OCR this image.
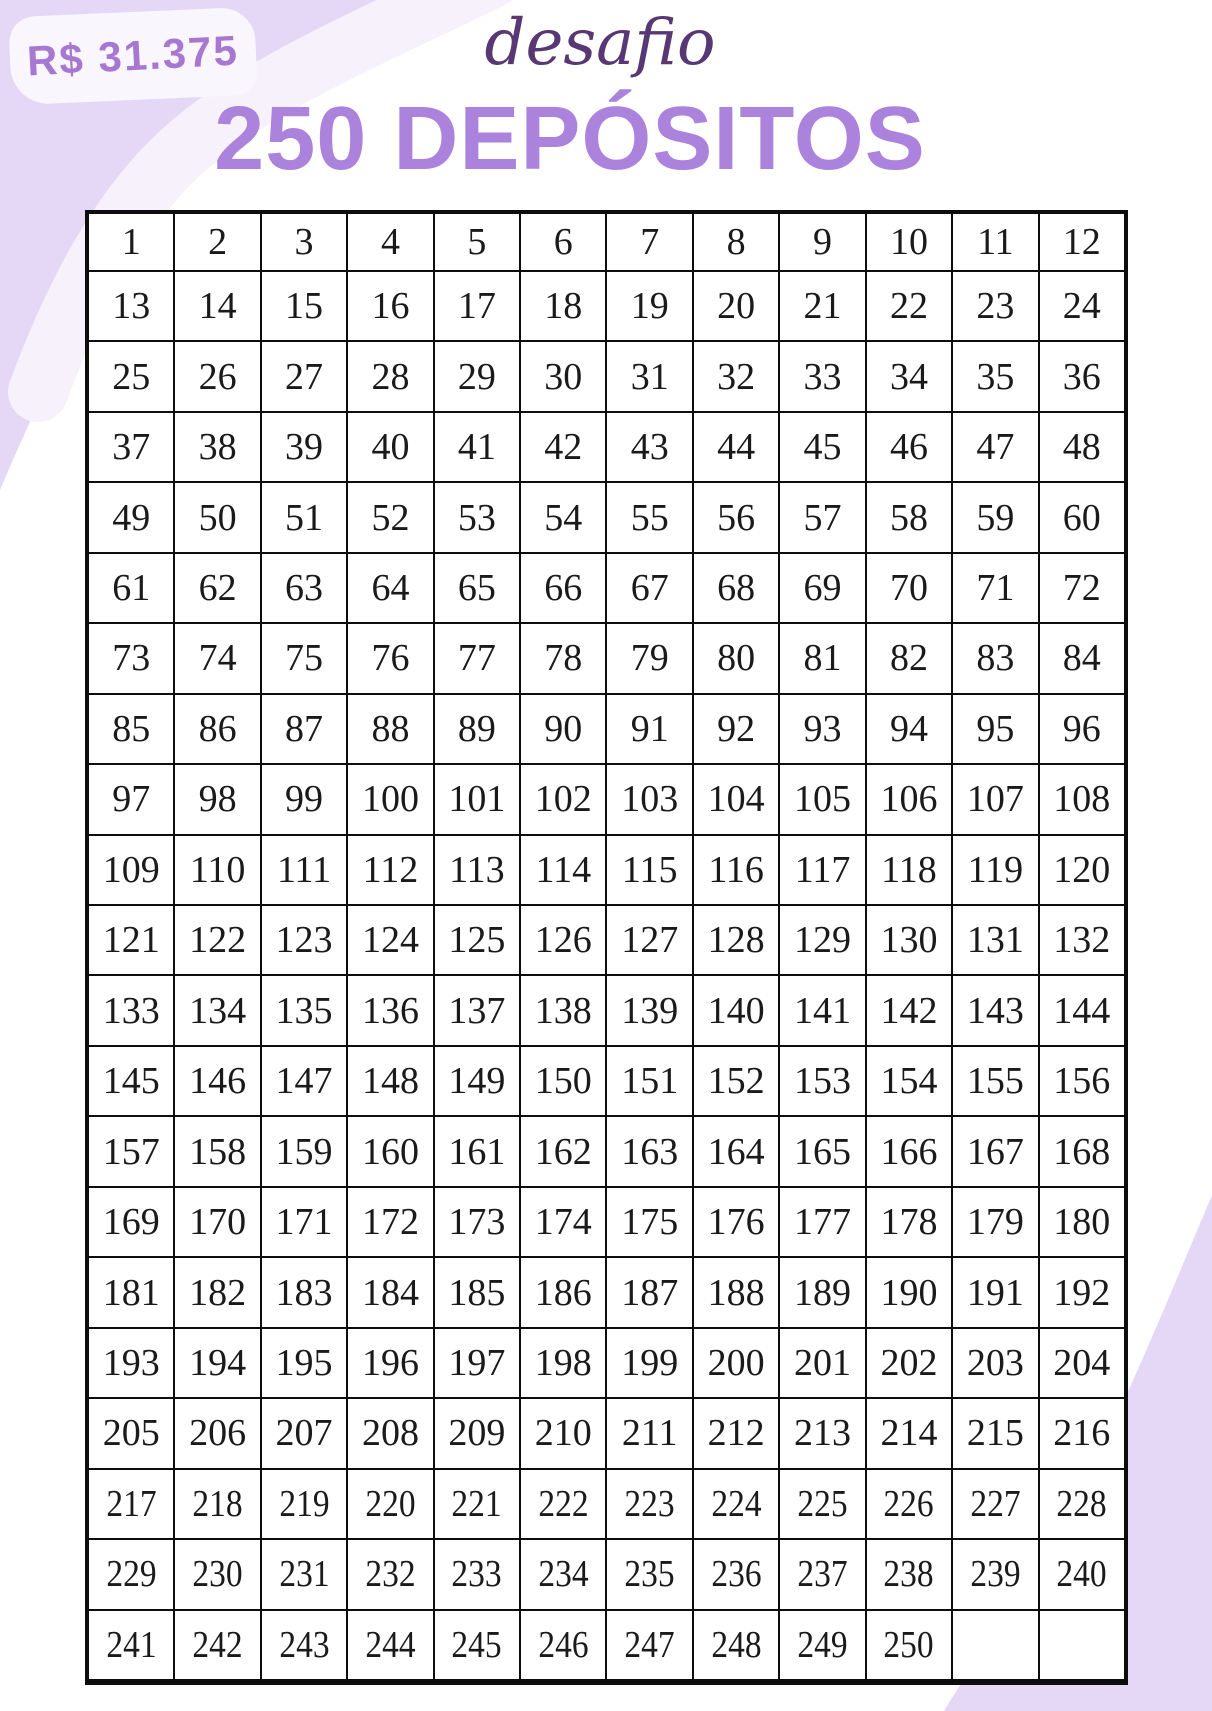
R$ 31.375	desafio
250 DEPÓSITOS
1 2 3 4 5 6 7 8 9 10 11 12
13 14 15 16 17 18 19 20 21 22 23 24
25 26 27 28 29 30 31 32 33 34 35 36
37 38 39 40 41 42 43 44 45 46 47 48
49 50 51 52 53 54 55 56 57 58 59 60
61 62 63 64 65 66 67 68 69 70 71 72
73 74 75 76 77 78 79 80 81 82 83 84
85 86 87 88 89 90 91 92 93 94 95 96
97 98 99 100 101 102 103 104 105 106 107 108
109 110 111 112 113 114 115 116 117 118 119 120
121 122 123 124 125 126 127 128 129 130 131 132
133 134 135 136 137 138 139 140 141 142 143 144
145 146 147 148 149 150 151 152 153 154 155 156
157 158 159 160 161 162 163 164 165 166 167 168
169 170 171 172 173 174 175 176 177 178 179 180
181 182 183 184 185 186 187 188 189 190 191 192
193 194 195 196 197 198 199 200 201 202 203 204
205 206 207 208 209 210 211 212 213 214 215 216
217 218 219 220 221 222 223 224 225 226 227 228
229 230 231 232 233 234 235 236 237 238 239 240
241 242 243 244 245 246 247 248 249 250
